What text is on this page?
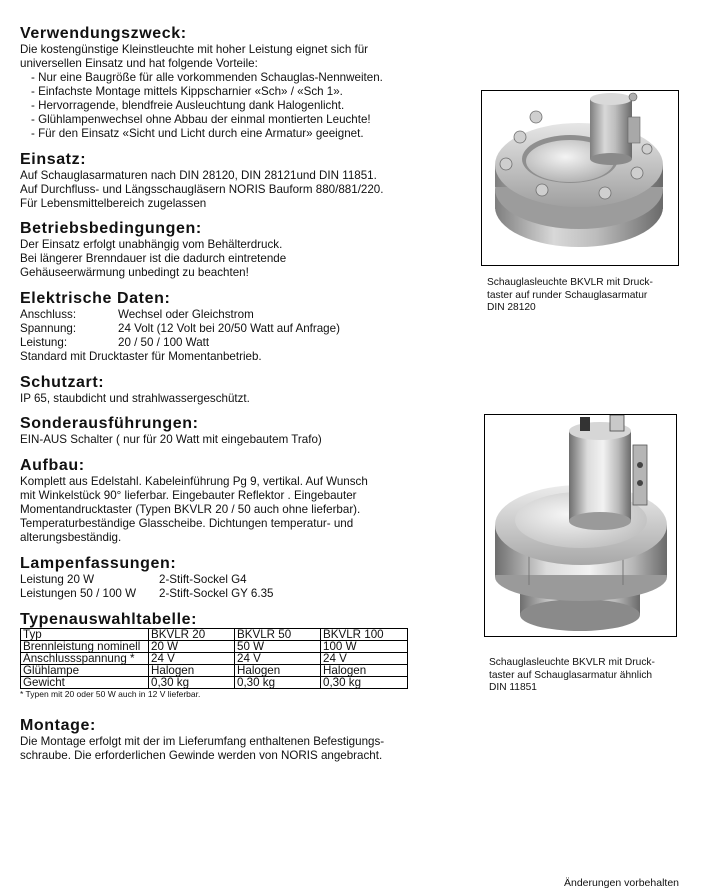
Verwendungszweck:

Die kostengünstige Kleinstleuchte mit hoher Leistung eignet sich für

universellen Einsatz und hat folgende Vorteile:

- Nur eine Baugröße für alle vorkommenden Schauglas-Nennweiten.

- Einfachste Montage mittels Kippscharnier «Sch» / «Sch 1».

- Hervorragende, blendfreie Ausleuchtung dank Halogenlicht.

- Glühlampenwechsel ohne Abbau der einmal montierten Leuchte!

- Für den Einsatz «Sicht und Licht durch eine Armatur» geeignet.

Einsatz:

Auf Schauglasarmaturen nach DIN 28120, DIN 28121und DIN 11851.

Auf Durchfluss- und Längsschaugläsern NORIS Bauform 880/881/220.

Für Lebensmittelbereich zugelassen

Betriebsbedingungen:

Der Einsatz erfolgt unabhängig vom Behälterdruck.

Bei längerer Brenndauer ist die dadurch eintretende

Gehäuseerwärmung unbedingt zu beachten!

Elektrische Daten:
Anschluss:	Wechsel oder Gleichstrom
Spannung:	24 Volt (12 Volt bei 20/50 Watt auf Anfrage)
Leistung:	20 / 50 / 100 Watt

Standard mit Drucktaster für Momentanbetrieb.

Schutzart:

IP 65, staubdicht und strahlwassergeschützt.

Sonderausführungen:

EIN-AUS Schalter ( nur für 20 Watt mit eingebautem Trafo)

Aufbau:

Komplett aus Edelstahl. Kabeleinführung Pg 9, vertikal. Auf Wunsch

mit Winkelstück 90° lieferbar. Eingebauter Reflektor . Eingebauter

Momentandrucktaster (Typen BKVLR 20 / 50 auch ohne lieferbar).

Temperaturbeständige Glasscheibe. Dichtungen temperatur- und

alterungsbeständig.

Lampenfassungen:
Leistung 20 W	2-Stift-Sockel G4
Leistungen 50 / 100 W	2-Stift-Sockel GY 6.35
Typenauswahltabelle:
Typ	BKVLR 20	BKVLR 50	BKVLR 100
Brennleistung nominell	20 W	50 W	100 W
Anschlussspannung *	24 V	24 V	24 V
Glühlampe	Halogen	Halogen	Halogen
Gewicht	0,30 kg	0,30 kg	0,30 kg
* Typen mit 20 oder 50 W auch in 12 V lieferbar.
Montage:

Die Montage erfolgt mit der im Lieferumfang enthaltenen Befestigungs-

schraube. Die erforderlichen Gewinde werden von NORIS angebracht.

Schauglasleuchte BKVLR mit Druck-
taster auf runder Schauglasarmatur
DIN 28120
Schauglasleuchte BKVLR mit Druck-
taster auf Schauglasarmatur ähnlich
DIN 11851
Änderungen vorbehalten
